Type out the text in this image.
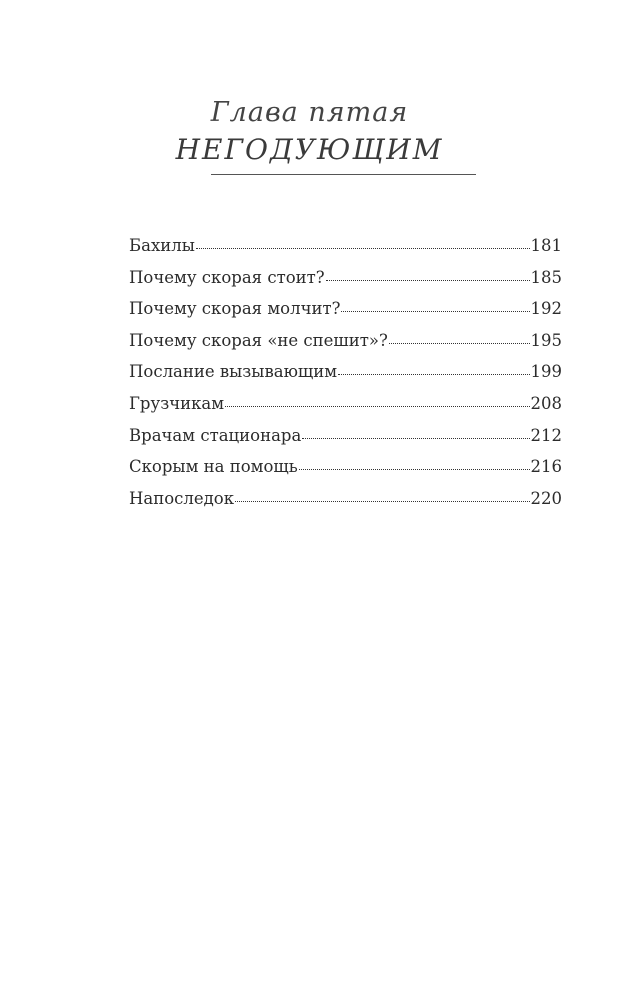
Глава пятая
НЕГОДУЮЩИМ
Бахилы	181
Почему скорая стоит?	185
Почему скорая молчит?	192
Почему скорая «не спешит»?	195
Послание вызывающим	199
Грузчикам	208
Врачам стационара	212
Скорым на помощь	216
Напоследок	220
